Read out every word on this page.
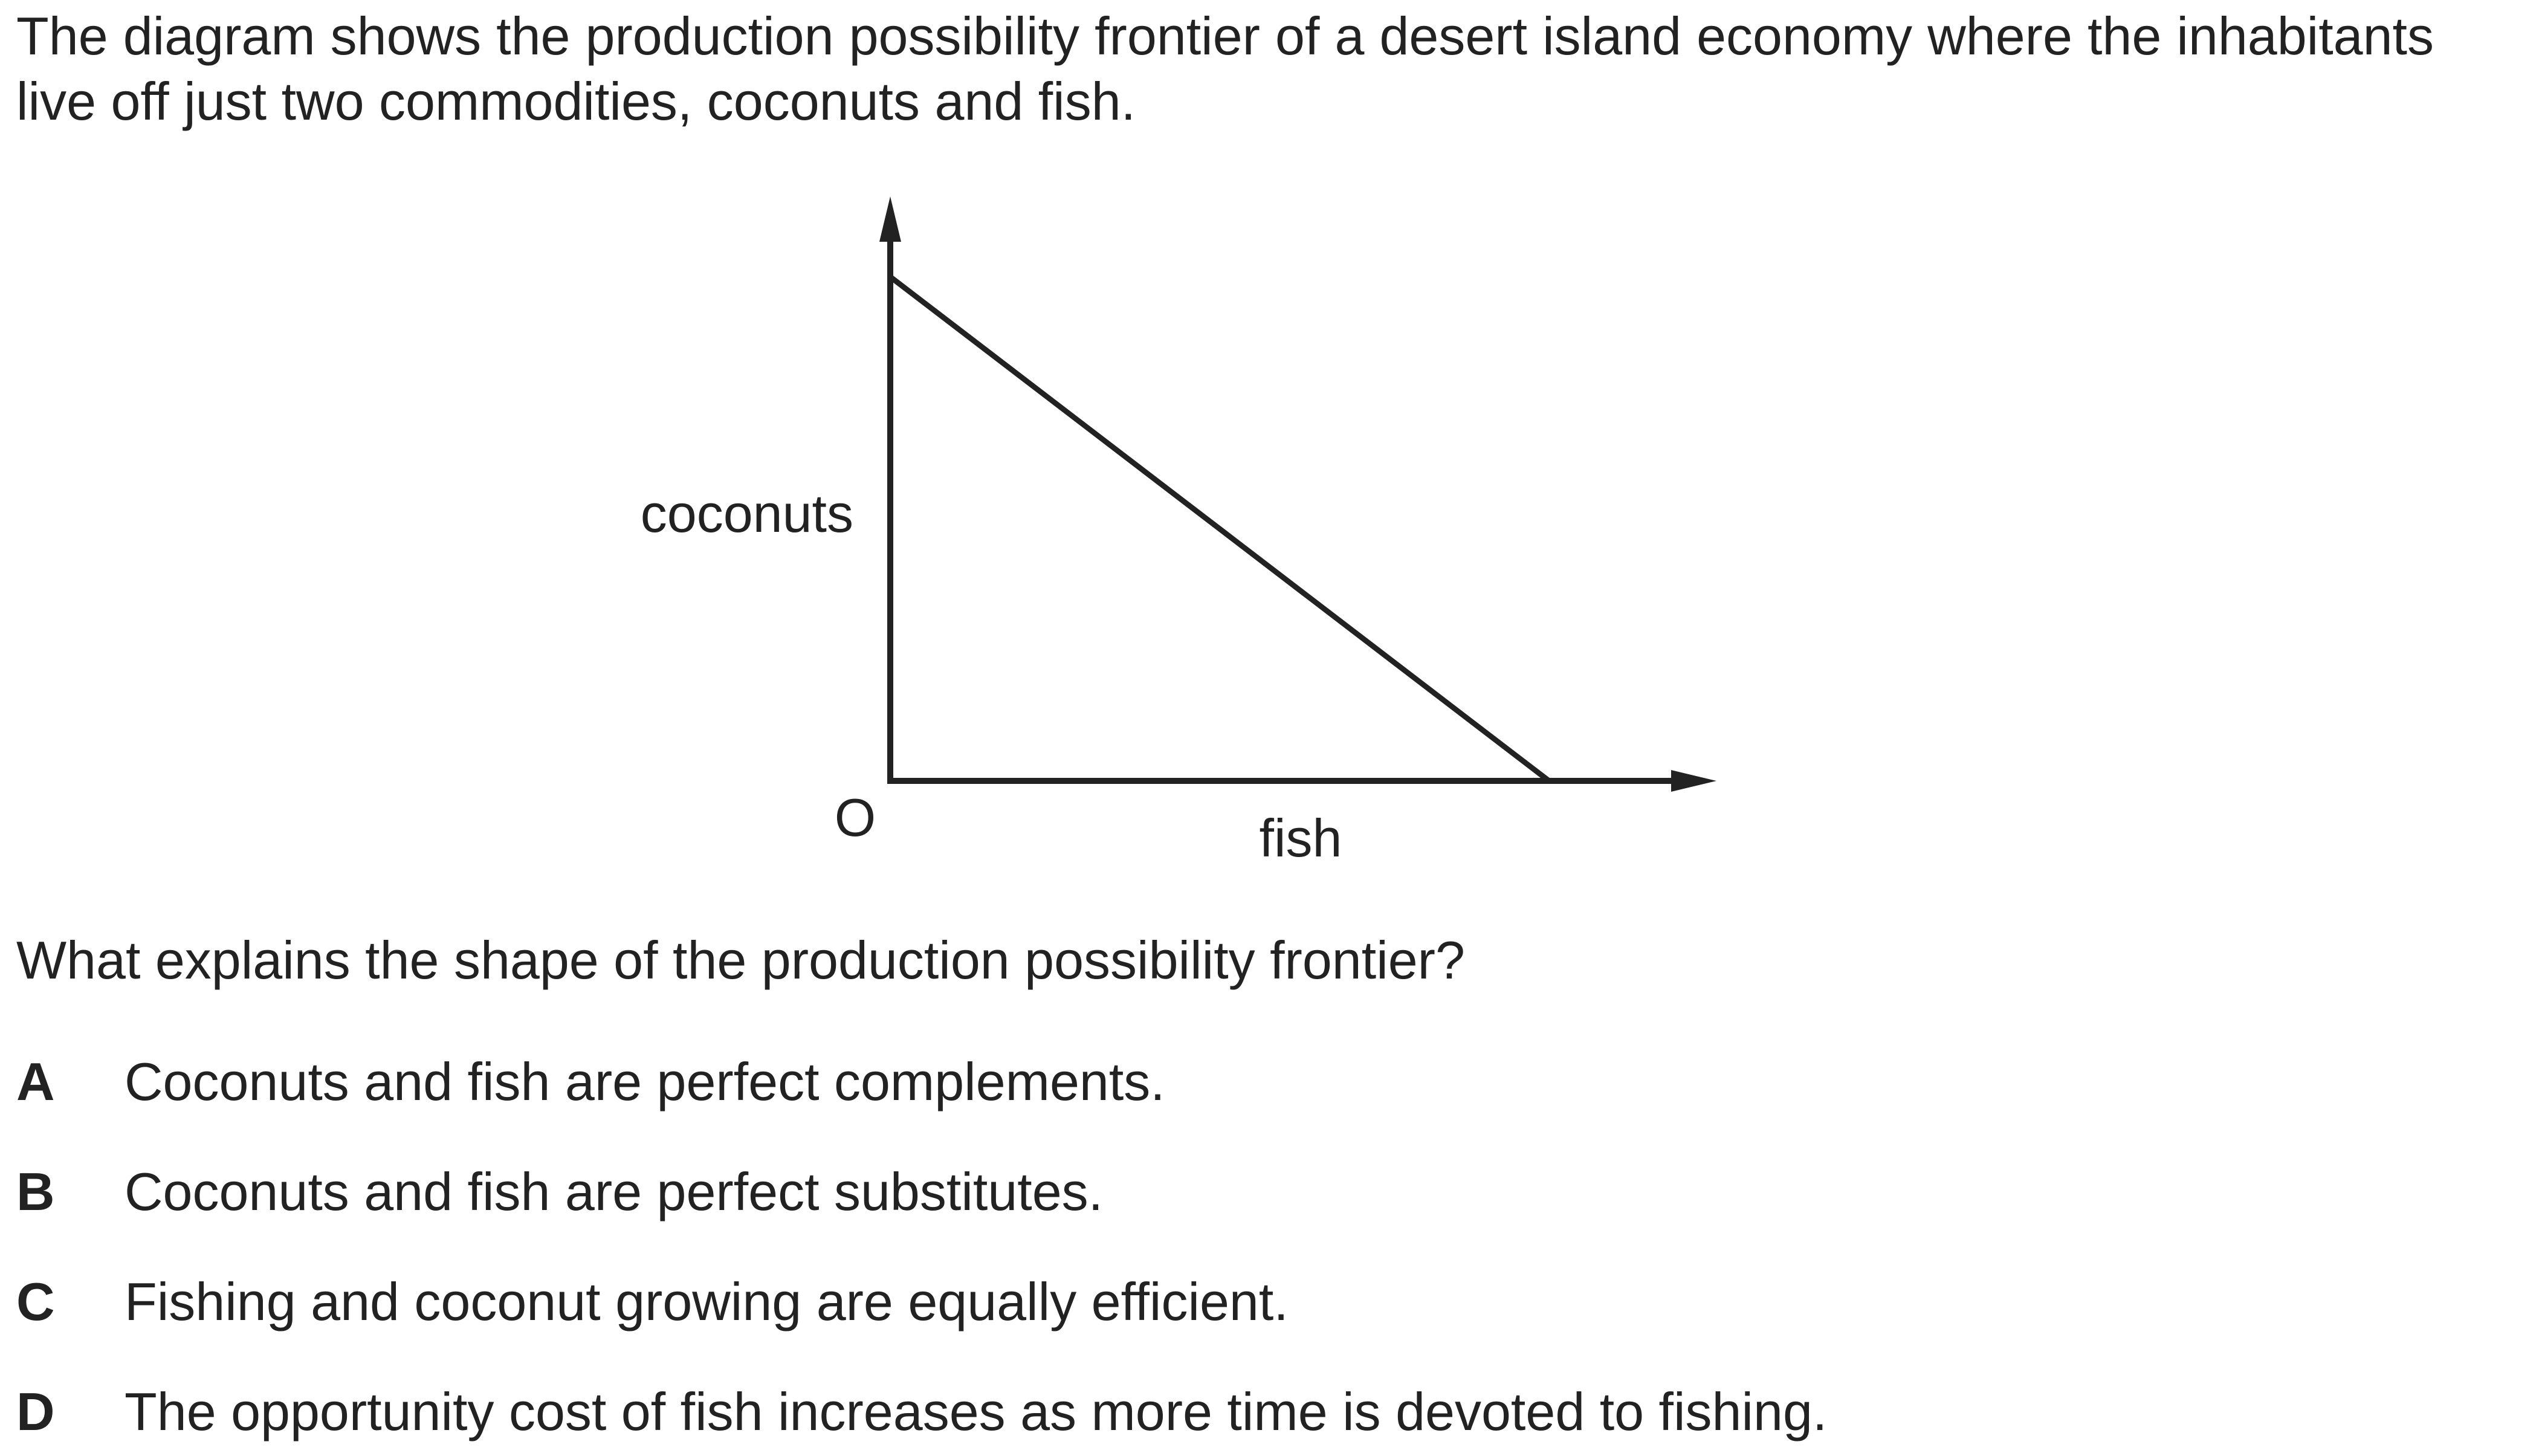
The diagram shows the production possibility frontier of a desert island economy where the inhabitants live off just two commodities, coconuts and fish.

coconuts
O	fish

What explains the shape of the production possibility frontier?

A Coconuts and fish are perfect complements.
B Coconuts and fish are perfect substitutes.
C Fishing and coconut growing are equally efficient.
D The opportunity cost of fish increases as more time is devoted to fishing.
